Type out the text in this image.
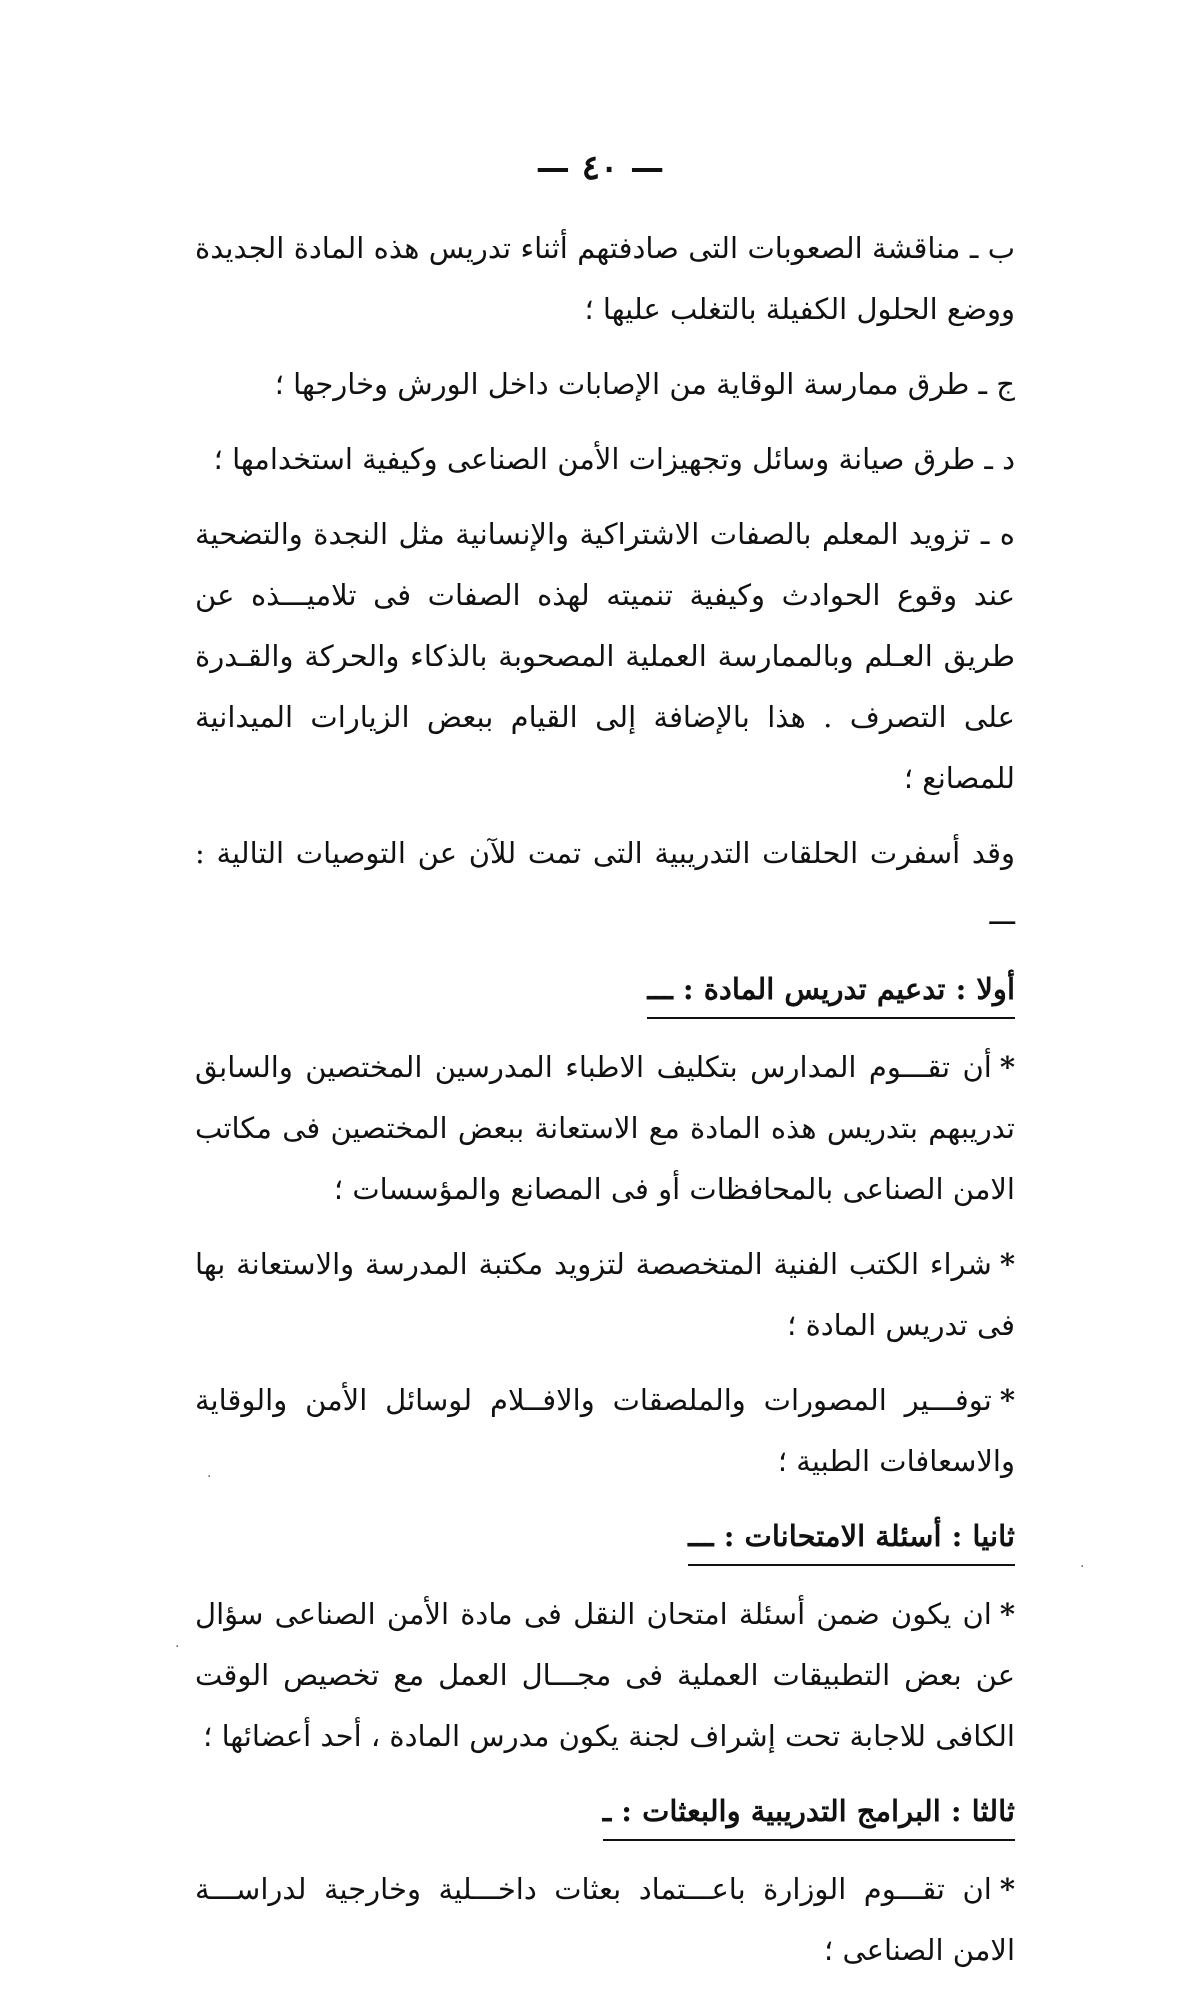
— ٤٠ —

ب ـ مناقشة الصعوبات التى صادفتهم أثناء تدريس هذه المادة الجديدة ووضع الحلول الكفيلة بالتغلب عليها ؛

ج ـ طرق ممارسة الوقاية من الإصابات داخل الورش وخارجها ؛

د ـ طرق صيانة وسائل وتجهيزات الأمن الصناعى وكيفية استخدامها ؛

ه ـ تزويد المعلم بالصفات الاشتراكية والإنسانية مثل النجدة والتضحية عند وقوع الحوادث وكيفية تنميته لهذه الصفات فى تلاميـــذه عن طريق العـلم وبالممارسة العملية المصحوبة بالذكاء والحركة والقـدرة على التصرف . هذا بالإضافة إلى القيام ببعض الزيارات الميدانية للمصانع ؛

وقد أسفرت الحلقات التدريبية التى تمت للآن عن التوصيات التالية : ـــ

أولا : تدعيم تدريس المادة : ـــ

*أن تقـــوم المدارس بتكليف الاطباء المدرسين المختصين والسابق تدريبهم بتدريس هذه المادة مع الاستعانة ببعض المختصين فى مكاتب الامن الصناعى بالمحافظات أو فى المصانع والمؤسسات ؛

*شراء الكتب الفنية المتخصصة لتزويد مكتبة المدرسة والاستعانة بها فى تدريس المادة ؛

*توفـــير المصورات والملصقات والافــلام لوسائل الأمن والوقاية والاسعافات الطبية ؛

ثانيا : أسئلة الامتحانات : ـــ

*ان يكون ضمن أسئلة امتحان النقل فى مادة الأمن الصناعى سؤال عن بعض التطبيقات العملية فى مجـــال العمل مع تخصيص الوقت الكافى للاجابة تحت إشراف لجنة يكون مدرس المادة ، أحد أعضائها ؛

ثالثا : البرامج التدريبية والبعثات : ـ

*ان تقـــوم الوزارة باعـــتماد بعثات داخـــلية وخارجية لدراســـة الامن الصناعى ؛

·
·
·
